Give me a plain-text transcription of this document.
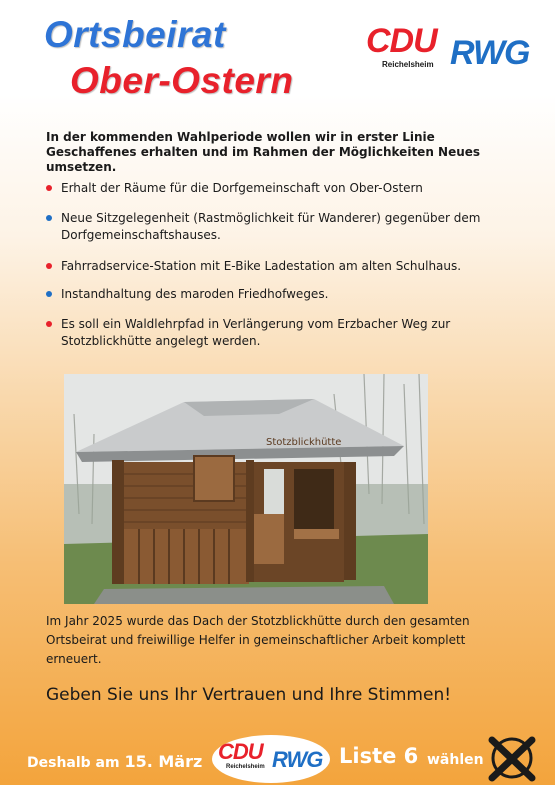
Ortsbeirat
Ober-Ostern
CDU RWG
Reichelsheim
In der kommenden Wahlperiode wollen wir in erster Linie Geschaffenes erhalten und im Rahmen der Möglichkeiten Neues umsetzen.
Erhalt der Räume für die Dorfgemeinschaft von Ober-Ostern
Neue Sitzgelegenheit (Rastmöglichkeit für Wanderer) gegenüber dem Dorfgemeinschaftshauses.
Fahrradservice-Station mit E-Bike Ladestation am alten Schulhaus.
Instandhaltung des maroden Friedhofweges.
Es soll ein Waldlehrpfad in Verlängerung vom Erzbacher Weg zur Stotzblickhütte angelegt werden.
Stotzblickhütte
Im Jahr 2025 wurde das Dach der Stotzblickhütte durch den gesamten Ortsbeirat und freiwillige Helfer in gemeinschaftlicher Arbeit komplett erneuert.
Geben Sie uns Ihr Vertrauen und Ihre Stimmen!
Deshalb am 15. März CDU RWG
Reichelsheim	Liste 6 wählen
